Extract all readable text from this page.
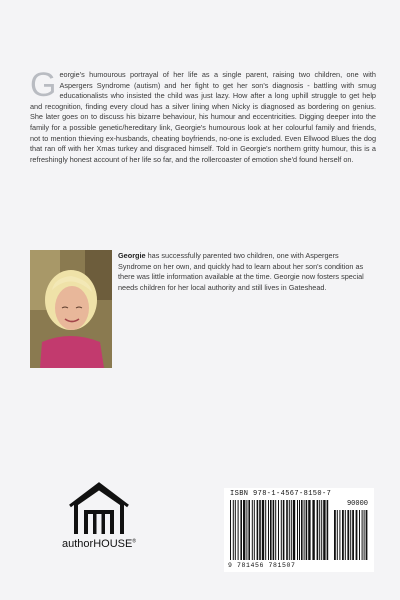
Georgie's humourous portrayal of her life as a single parent, raising two children, one with Aspergers Syndrome (autism) and her fight to get her son's diagnosis - battling with smug educationalists who insisted the child was just lazy. How after a long uphill struggle to get help and recognition, finding every cloud has a silver lining when Nicky is diagnosed as bordering on genius. She later goes on to discuss his bizarre behaviour, his humour and eccentricities. Digging deeper into the family for a possible genetic/hereditary link, Georgie's humourous look at her colourful family and friends, not to mention thieving ex-husbands, cheating boyfriends, no-one is excluded. Even Ellwood Blues the dog that ran off with her Xmas turkey and disgraced himself. Told in Georgie's northern gritty humour, this is a refreshingly honest account of her life so far, and the rollercoaster of emotion she'd found herself on.
Georgie has successfully parented two children, one with Aspergers Syndrome on her own, and quickly had to learn about her son's condition as there was little information available at the time. Georgie now fosters special needs children for her local authority and still lives in Gateshead.
authorHOUSE®
ISBN 978-1-4567-8150-7
90000
9 781456 781507
